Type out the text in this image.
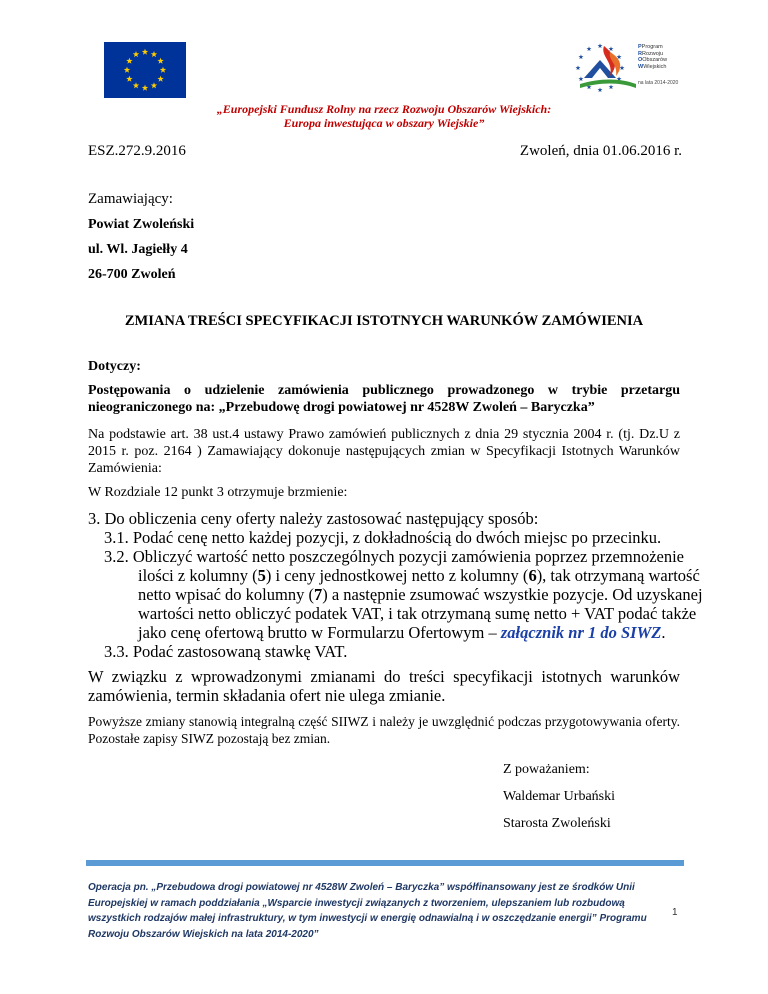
PProgram
RRozwoju
OObszarów
WWiejskich
na lata 2014-2020
„Europejski Fundusz Rolny na rzecz Rozwoju Obszarów Wiejskich:
Europa inwestująca w obszary Wiejskie”
ESZ.272.9.2016	Zwoleń, dnia 01.06.2016 r.
Zamawiający:
Powiat Zwoleński
ul. Wl. Jagiełły 4
26-700 Zwoleń
ZMIANA TREŚCI SPECYFIKACJI ISTOTNYCH WARUNKÓW ZAMÓWIENIA
Dotyczy:
Postępowania o udzielenie zamówienia publicznego prowadzonego w trybie przetargu nieograniczonego na: „Przebudowę drogi powiatowej nr 4528W Zwoleń – Baryczka”
Na podstawie art. 38 ust.4 ustawy Prawo zamówień publicznych z dnia 29 stycznia 2004 r. (tj. Dz.U z 2015 r. poz. 2164 ) Zamawiający dokonuje następujących zmian w Specyfikacji Istotnych Warunków Zamówienia:
W Rozdziale 12 punkt 3 otrzymuje brzmienie:
3. Do obliczenia ceny oferty należy zastosować następujący sposób:
3.1. Podać cenę netto każdej pozycji, z dokładnością do dwóch miejsc po przecinku.
3.2. Obliczyć wartość netto poszczególnych pozycji zamówienia poprzez przemnożenie
ilości z kolumny (5) i ceny jednostkowej netto z kolumny (6), tak otrzymaną wartość
netto wpisać do kolumny (7) a następnie zsumować wszystkie pozycje. Od uzyskanej
wartości netto obliczyć podatek VAT, i tak otrzymaną sumę netto + VAT podać także
jako cenę ofertową brutto w Formularzu Ofertowym – załącznik nr 1 do SIWZ.
3.3. Podać zastosowaną stawkę VAT.
W związku z wprowadzonymi zmianami do treści specyfikacji istotnych warunków zamówienia, termin składania ofert nie ulega zmianie.
Powyższe zmiany stanowią integralną część SIIWZ i należy je uwzględnić podczas przygotowywania oferty. Pozostałe zapisy SIWZ pozostają bez zmian.
Z poważaniem:
Waldemar Urbański
Starosta Zwoleński
Operacja pn. „Przebudowa drogi powiatowej nr 4528W Zwoleń – Baryczka” współfinansowany jest ze środków Unii Europejskiej w ramach poddziałania „Wsparcie inwestycji związanych z tworzeniem, ulepszaniem lub rozbudową wszystkich rodzajów małej infrastruktury, w tym inwestycji w energię odnawialną i w oszczędzanie energii” Programu Rozwoju Obszarów Wiejskich na lata 2014-2020”
1
